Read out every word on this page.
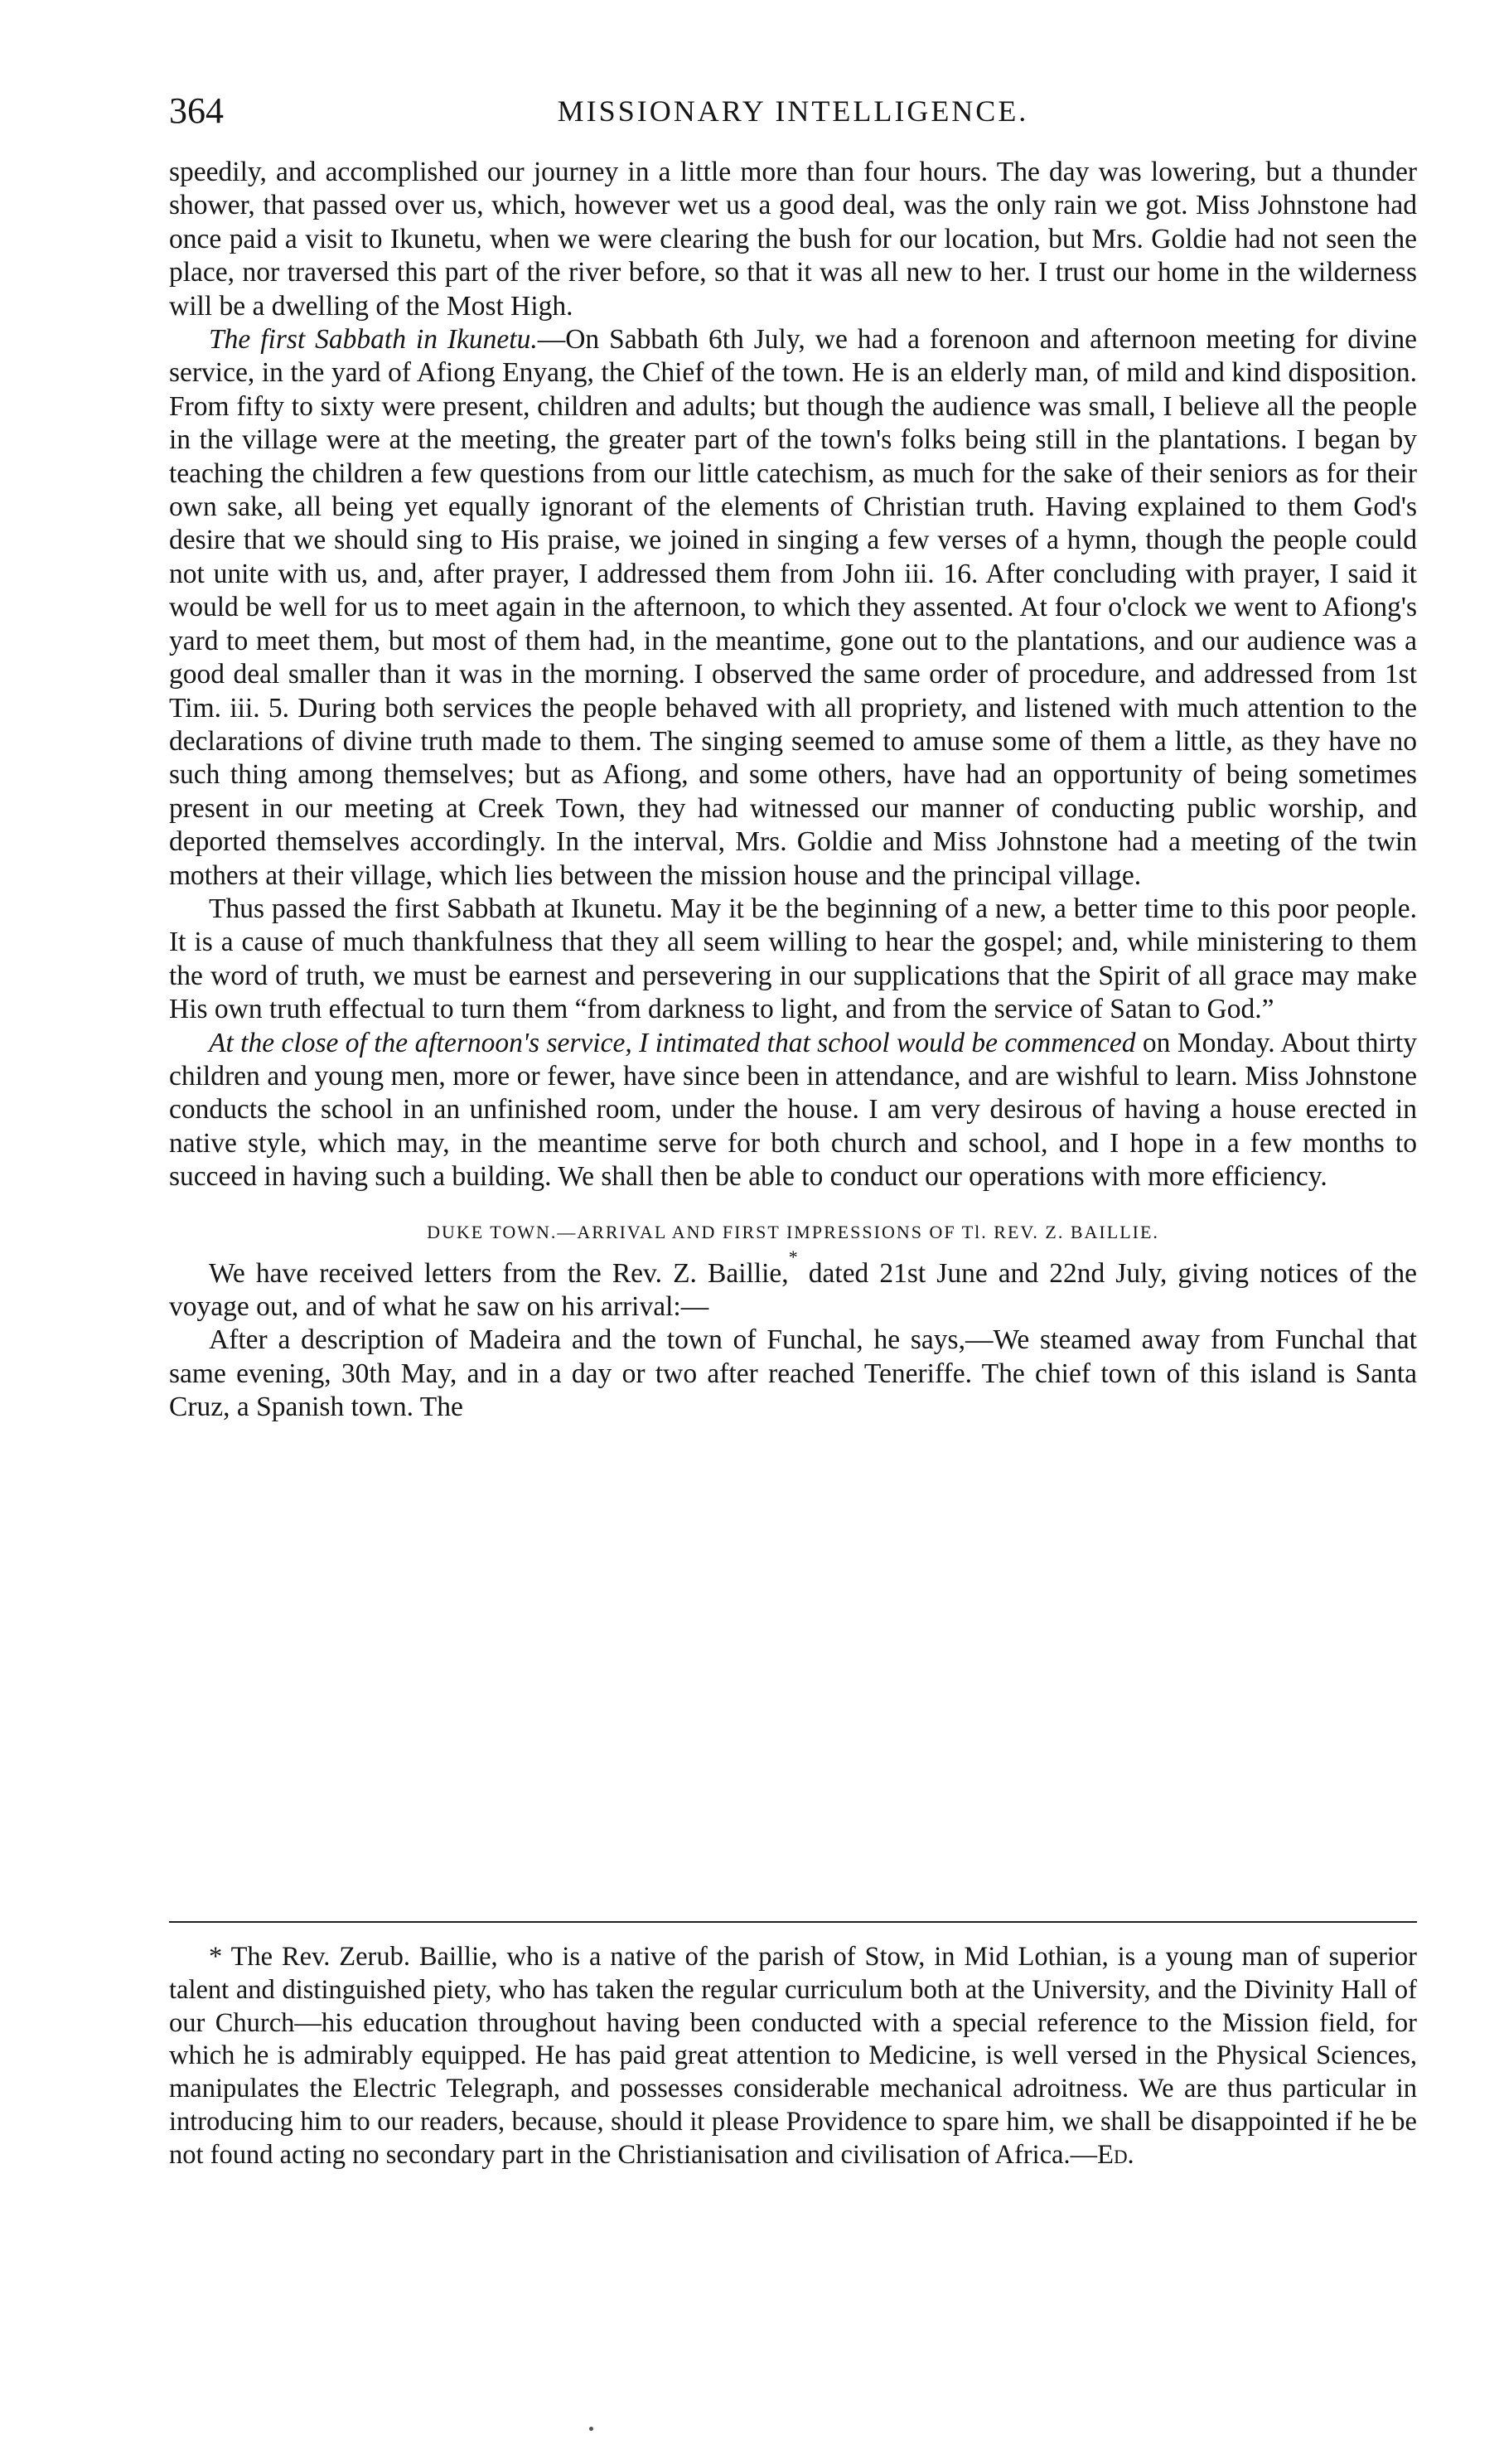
364	MISSIONARY INTELLIGENCE.

speedily, and accomplished our journey in a little more than four hours. The day was lowering, but a thunder shower, that passed over us, which, however wet us a good deal, was the only rain we got. Miss Johnstone had once paid a visit to Ikunetu, when we were clearing the bush for our location, but Mrs. Goldie had not seen the place, nor traversed this part of the river before, so that it was all new to her. I trust our home in the wilderness will be a dwelling of the Most High.

The first Sabbath in Ikunetu.—On Sabbath 6th July, we had a forenoon and afternoon meeting for divine service, in the yard of Afiong Enyang, the Chief of the town. He is an elderly man, of mild and kind disposition. From fifty to sixty were present, children and adults; but though the audience was small, I believe all the people in the village were at the meeting, the greater part of the town's folks being still in the plantations. I began by teaching the children a few questions from our little catechism, as much for the sake of their seniors as for their own sake, all being yet equally ignorant of the elements of Christian truth. Having explained to them God's desire that we should sing to His praise, we joined in singing a few verses of a hymn, though the people could not unite with us, and, after prayer, I addressed them from John iii. 16. After concluding with prayer, I said it would be well for us to meet again in the afternoon, to which they assented. At four o'clock we went to Afiong's yard to meet them, but most of them had, in the meantime, gone out to the plantations, and our audience was a good deal smaller than it was in the morning. I observed the same order of procedure, and addressed from 1st Tim. iii. 5. During both services the people behaved with all propriety, and listened with much attention to the declarations of divine truth made to them. The singing seemed to amuse some of them a little, as they have no such thing among themselves; but as Afiong, and some others, have had an opportunity of being sometimes present in our meeting at Creek Town, they had witnessed our manner of conducting public worship, and deported themselves accordingly. In the interval, Mrs. Goldie and Miss Johnstone had a meeting of the twin mothers at their village, which lies between the mission house and the principal village.

Thus passed the first Sabbath at Ikunetu. May it be the beginning of a new, a better time to this poor people. It is a cause of much thankfulness that they all seem willing to hear the gospel; and, while ministering to them the word of truth, we must be earnest and persevering in our supplications that the Spirit of all grace may make His own truth effectual to turn them “from darkness to light, and from the service of Satan to God.”

At the close of the afternoon's service, I intimated that school would be commenced on Monday. About thirty children and young men, more or fewer, have since been in attendance, and are wishful to learn. Miss Johnstone conducts the school in an unfinished room, under the house. I am very desirous of having a house erected in native style, which may, in the meantime serve for both church and school, and I hope in a few months to succeed in having such a building. We shall then be able to conduct our operations with more efficiency.

DUKE TOWN.—ARRIVAL AND FIRST IMPRESSIONS OF Tl. REV. Z. BAILLIE.

We have received letters from the Rev. Z. Baillie,* dated 21st June and 22nd July, giving notices of the voyage out, and of what he saw on his arrival:—

After a description of Madeira and the town of Funchal, he says,—We steamed away from Funchal that same evening, 30th May, and in a day or two after reached Teneriffe. The chief town of this island is Santa Cruz, a Spanish town. The

* The Rev. Zerub. Baillie, who is a native of the parish of Stow, in Mid Lothian, is a young man of superior talent and distinguished piety, who has taken the regular curriculum both at the University, and the Divinity Hall of our Church—his education throughout having been conducted with a special reference to the Mission field, for which he is admirably equipped. He has paid great attention to Medicine, is well versed in the Physical Sciences, manipulates the Electric Telegraph, and possesses considerable mechanical adroitness. We are thus particular in introducing him to our readers, because, should it please Providence to spare him, we shall be disappointed if he be not found acting no secondary part in the Christianisation and civilisation of Africa.—Ed.
